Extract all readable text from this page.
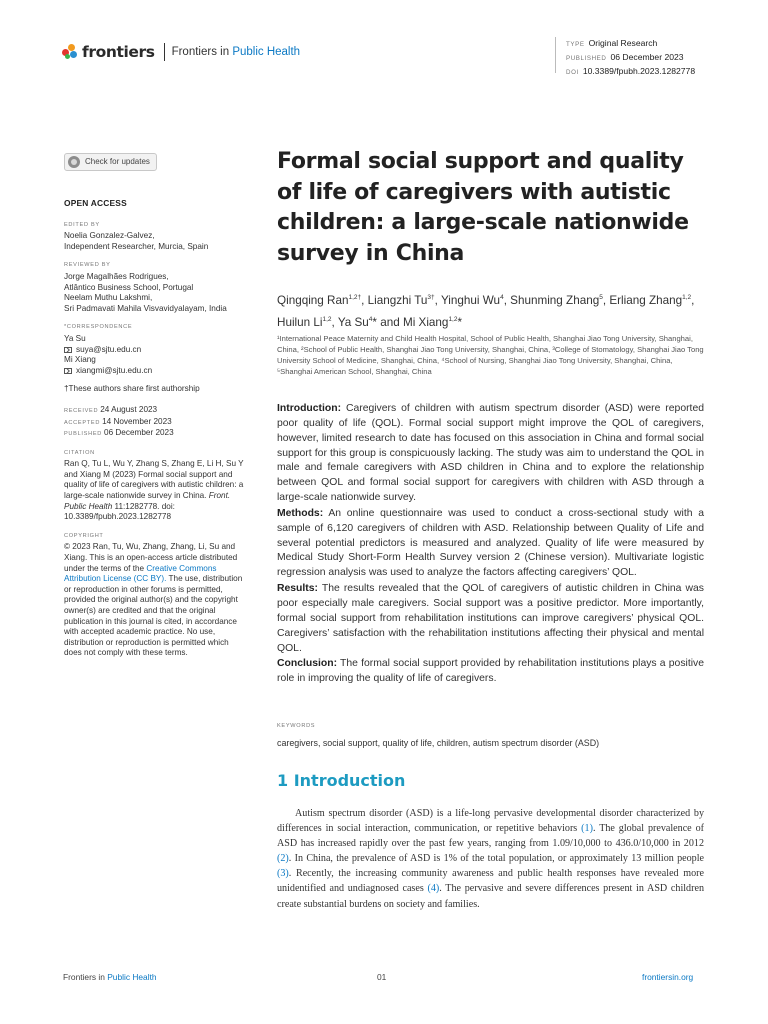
frontiers Frontiers in Public Health
TYPE Original Research
PUBLISHED 06 December 2023
DOI 10.3389/fpubh.2023.1282778
Check for updates
OPEN ACCESS
EDITED BY
Noelia Gonzalez-Galvez,
Independent Researcher, Murcia, Spain
REVIEWED BY
Jorge Magalhães Rodrigues,
Atlântico Business School, Portugal
Neelam Muthu Lakshmi,
Sri Padmavati Mahila Visvavidyalayam, India
*CORRESPONDENCE
Ya Su
suya@sjtu.edu.cn
Mi Xiang
xiangmi@sjtu.edu.cn
†These authors share first authorship
RECEIVED 24 August 2023
ACCEPTED 14 November 2023
PUBLISHED 06 December 2023
CITATION
Ran Q, Tu L, Wu Y, Zhang S, Zhang E, Li H, Su Y and Xiang M (2023) Formal social support and quality of life of caregivers with autistic children: a large-scale nationwide survey in China. Front. Public Health 11:1282778. doi: 10.3389/fpubh.2023.1282778
COPYRIGHT
© 2023 Ran, Tu, Wu, Zhang, Zhang, Li, Su and Xiang. This is an open-access article distributed under the terms of the Creative Commons Attribution License (CC BY). The use, distribution or reproduction in other forums is permitted, provided the original author(s) and the copyright owner(s) are credited and that the original publication in this journal is cited, in accordance with accepted academic practice. No use, distribution or reproduction is permitted which does not comply with these terms.
Formal social support and quality of life of caregivers with autistic children: a large-scale nationwide survey in China
Qingqing Ran$^{1,2\dagger}$, Liangzhi $Tu^{3\dagger}$, Yinghui Wu$^4$, Shunming Zhang$^5$, Erliang Zhang$^{1,2}$, Huilun Li$^{1,2}$, Ya Su$^4$* and Mi Xiang$^{1,2}$*
¹International Peace Maternity and Child Health Hospital, School of Public Health, Shanghai Jiao Tong University, Shanghai, China, ²School of Public Health, Shanghai Jiao Tong University, Shanghai, China, ³College of Stomatology, Shanghai Jiao Tong University School of Medicine, Shanghai, China, ⁴School of Nursing, Shanghai Jiao Tong University, Shanghai, China, ⁵Shanghai American School, Shanghai, China

Introduction: Caregivers of children with autism spectrum disorder (ASD) were reported poor quality of life (QOL). Formal social support might improve the QOL of caregivers, however, limited research to date has focused on this association in China and formal social support for this group is conspicuously lacking. The study was aim to understand the QOL in male and female caregivers with ASD children in China and to explore the relationship between QOL and formal social support for caregivers with children with ASD through a large-scale nationwide survey.

Methods: An online questionnaire was used to conduct a cross-sectional study with a sample of 6,120 caregivers of children with ASD. Relationship between Quality of Life and several potential predictors is measured and analyzed. Quality of life were measured by Medical Study Short-Form Health Survey version 2 (Chinese version). Multivariate logistic regression analysis was used to analyze the factors affecting caregivers’ QOL.

Results: The results revealed that the QOL of caregivers of autistic children in China was poor especially male caregivers. Social support was a positive predictor. More importantly, formal social support from rehabilitation institutions can improve caregivers’ physical QOL. Caregivers’ satisfaction with the rehabilitation institutions affecting their physical and mental QOL.

Conclusion: The formal social support provided by rehabilitation institutions plays a positive role in improving the quality of life of caregivers.

KEYWORDS
caregivers, social support, quality of life, children, autism spectrum disorder (ASD)
1 Introduction
Autism spectrum disorder (ASD) is a life-long pervasive developmental disorder characterized by differences in social interaction, communication, or repetitive behaviors (1). The global prevalence of ASD has increased rapidly over the past few years, ranging from 1.09/10,000 to 436.0/10,000 in 2012 (2). In China, the prevalence of ASD is 1% of the total population, or approximately 13 million people (3). Recently, the increasing community awareness and public health responses have revealed more unidentified and undiagnosed cases (4). The pervasive and severe differences present in ASD children create substantial burdens on society and families.
Frontiers in Public Health	01	frontiersin.org
